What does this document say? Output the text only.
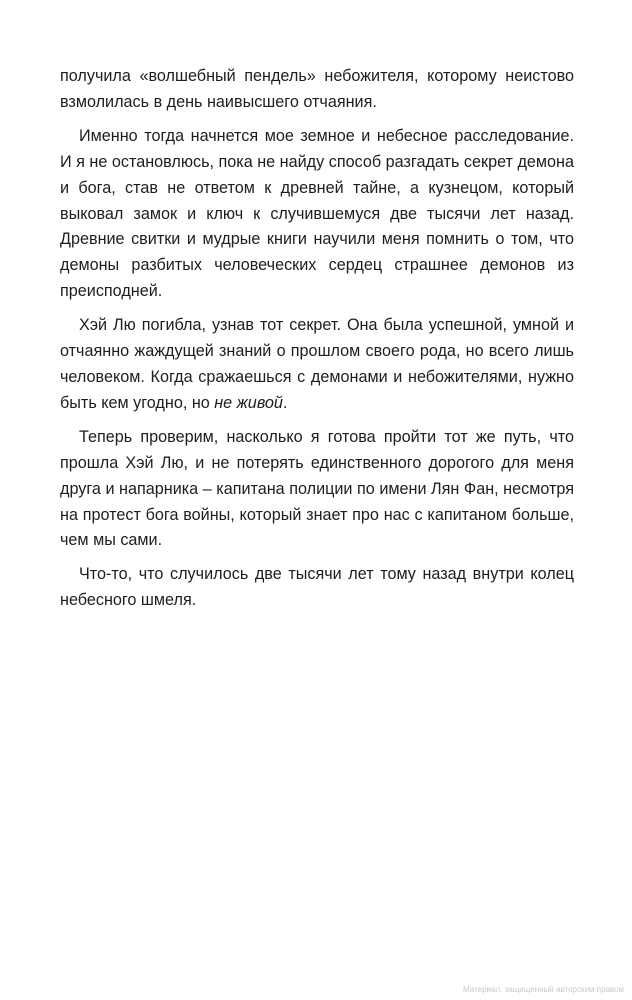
получила «волшебный пендель» небожителя, которому неистово взмолилась в день наивысшего отчаяния.

Именно тогда начнется мое земное и небесное расследование. И я не остановлюсь, пока не найду способ разгадать секрет демона и бога, став не ответом к древней тайне, а кузнецом, который выковал замок и ключ к случившемуся две тысячи лет назад. Древние свитки и мудрые книги научили меня помнить о том, что демоны разбитых человеческих сердец страшнее демонов из преисподней.

Хэй Лю погибла, узнав тот секрет. Она была успешной, умной и отчаянно жаждущей знаний о прошлом своего рода, но всего лишь человеком. Когда сражаешься с демонами и небожителями, нужно быть кем угодно, но не живой.

Теперь проверим, насколько я готова пройти тот же путь, что прошла Хэй Лю, и не потерять единственного дорогого для меня друга и напарника – капитана полиции по имени Лян Фан, несмотря на протест бога войны, который знает про нас с капитаном больше, чем мы сами.

Что-то, что случилось две тысячи лет тому назад внутри колец небесного шмеля.

Материал, защищенный авторским правом
